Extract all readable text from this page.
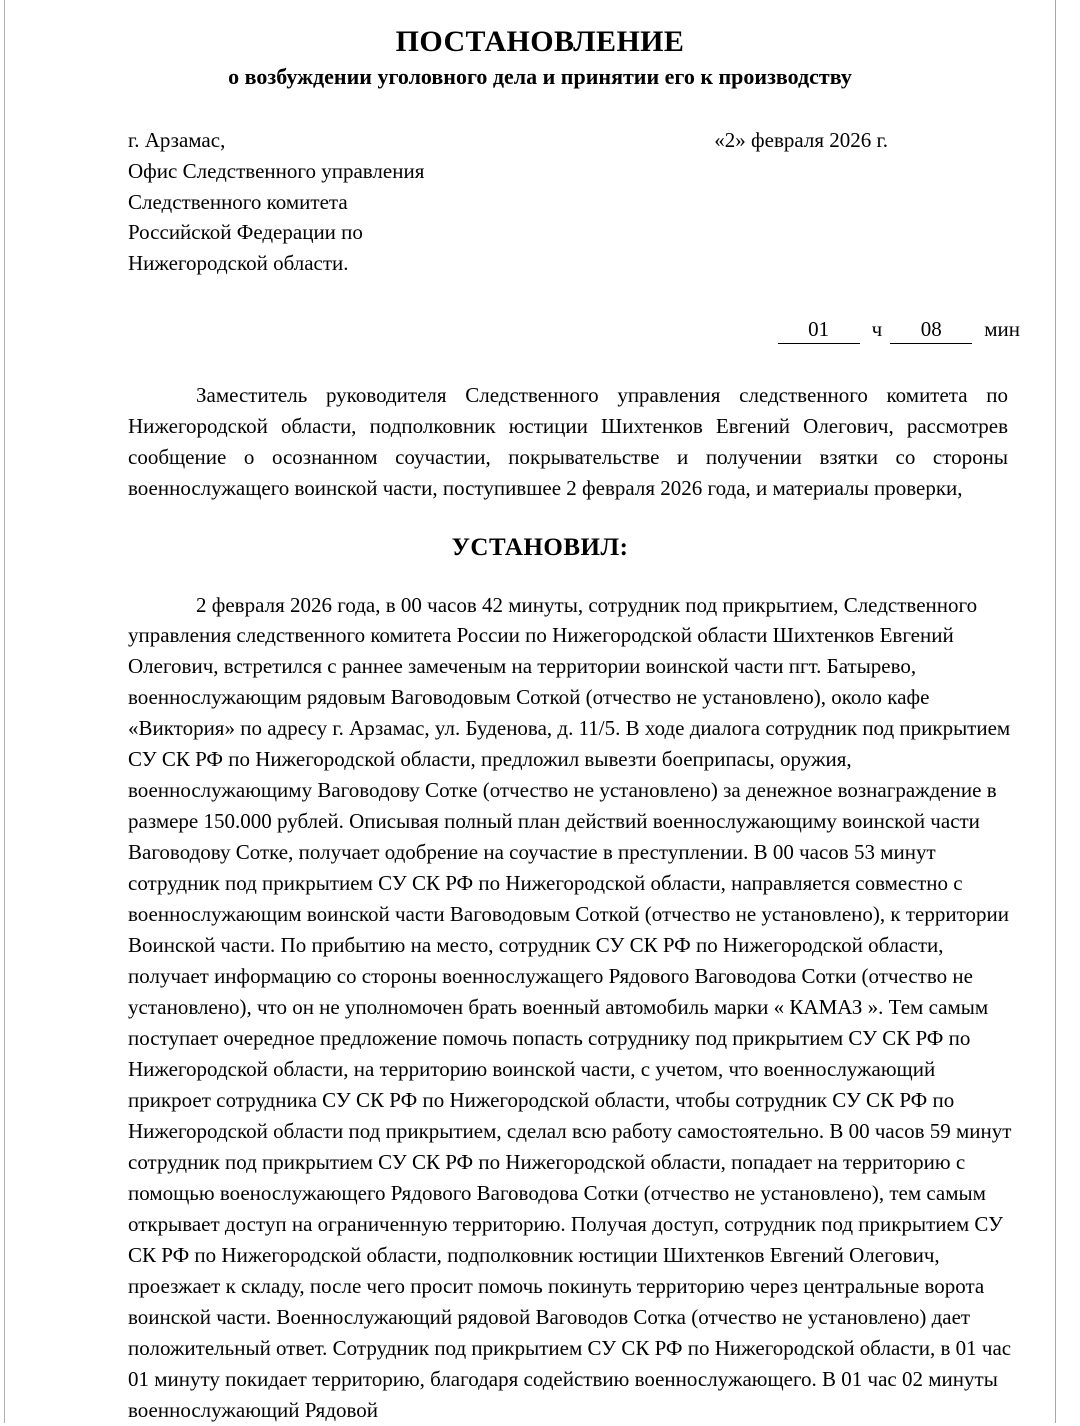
ПОСТАНОВЛЕНИЕ
о возбуждении уголовного дела и принятии его к производству
г. Арзамас,	«2» февраля 2026 г.
Офис Следственного управления
Следственного комитета
Российской Федерации по
Нижегородской области.
01 ч 08 мин
Заместитель руководителя Следственного управления следственного комитета по Нижегородской области, подполковник юстиции Шихтенков Евгений Олегович, рассмотрев сообщение о осознанном соучастии, покрывательстве и получении взятки со стороны военнослужащего воинской части, поступившее 2 февраля 2026 года, и материалы проверки,
УСТАНОВИЛ:
2 февраля 2026 года, в 00 часов 42 минуты, сотрудник под прикрытием, Следственного управления следственного комитета России по Нижегородской области Шихтенков Евгений Олегович, встретился с раннее замеченым на территории воинской части пгт. Батырево, военнослужающим рядовым Ваговодовым Соткой (отчество не установлено), около кафе «Виктория» по адресу г. Арзамас, ул. Буденова, д. 11/5. В ходе диалога сотрудник под прикрытием СУ СК РФ по Нижегородской области, предложил вывезти боеприпасы, оружия, военнослужающиму Ваговодову Сотке (отчество не установлено) за денежное вознаграждение в размере 150.000 рублей. Описывая полный план действий военнослужающиму воинской части Ваговодову Сотке, получает одобрение на соучастие в преступлении. В 00 часов 53 минут сотрудник под прикрытием СУ СК РФ по Нижегородской области, направляется совместно с военнослужающим воинской части Ваговодовым Соткой (отчество не установлено), к территории Воинской части. По прибытию на место, сотрудник СУ СК РФ по Нижегородской области, получает информацию со стороны военнослужащего Рядового Ваговодова Сотки (отчество не установлено), что он не уполномочен брать военный автомобиль марки « КАМАЗ ». Тем самым поступает очередное предложение помочь попасть сотруднику под прикрытием СУ СК РФ по Нижегородской области, на территорию воинской части, с учетом, что военнослужающий прикроет сотрудника СУ СК РФ по Нижегородской области, чтобы сотрудник СУ СК РФ по Нижегородской области под прикрытием, сделал всю работу самостоятельно. В 00 часов 59 минут сотрудник под прикрытием СУ СК РФ по Нижегородской области, попадает на территорию с помощью военослужающего Рядового Ваговодова Сотки (отчество не установлено), тем самым открывает доступ на ограниченную территорию. Получая доступ, сотрудник под прикрытием СУ СК РФ по Нижегородской области, подполковник юстиции Шихтенков Евгений Олегович, проезжает к складу, после чего просит помочь покинуть территорию через центральные ворота воинской части. Военнослужающий рядовой Ваговодов Сотка (отчество не установлено) дает положительный ответ. Сотрудник под прикрытием СУ СК РФ по Нижегородской области, в 01 час 01 минуту покидает территорию, благодаря содействию военнослужающего. В 01 час 02 минуты военнослужающий Рядовой
